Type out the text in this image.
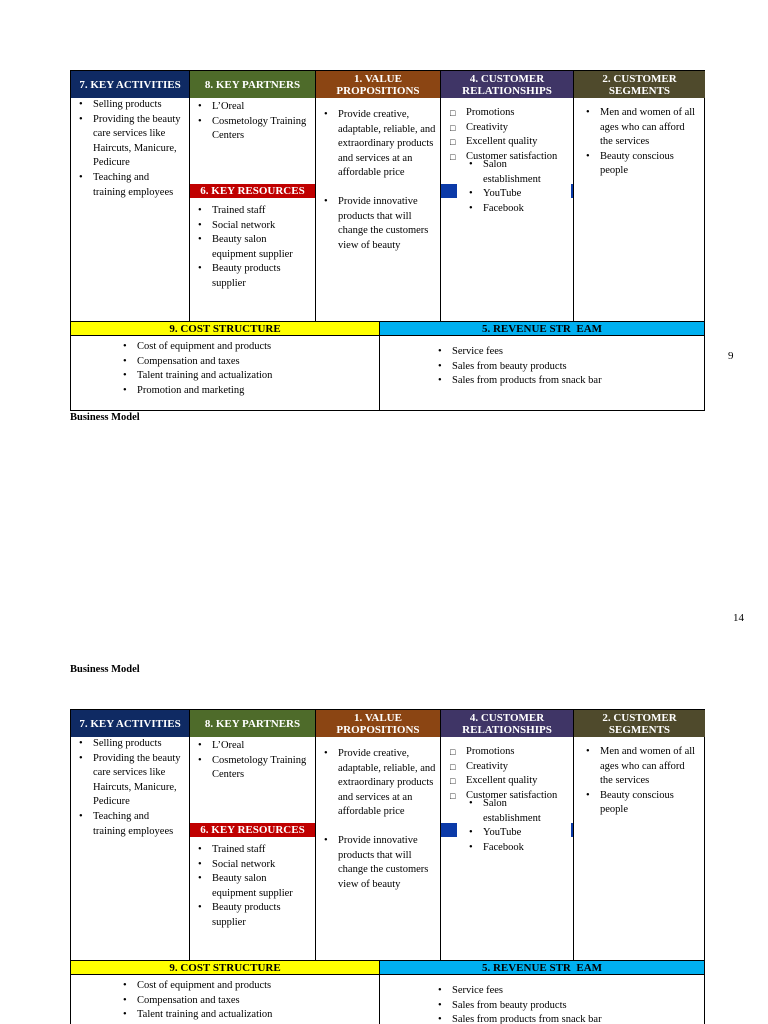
7. KEY ACTIVITIES
• Selling products
• Providing the beauty care services like Haircuts, Manicure, Pedicure
• Teaching and training employees
8. KEY PARTNERS
• L’Oreal
• Cosmetology Training Centers
6. KEY RESOURCES
• Trained staff
• Social network
• Beauty salon equipment supplier
• Beauty products supplier
1. VALUE
PROPOSITIONS
• Provide creative, adaptable, reliable, and extraordinary products and services at an affordable price
• Provide innovative products that will change the customers view of beauty
4. CUSTOMER
RELATIONSHIPS
□ Promotions
□ Creativity
□ Excellent quality
□ Customer satisfaction
• Salon establishment
• YouTube
• Facebook
2. CUSTOMER
SEGMENTS
• Men and women of all ages who can afford the services
• Beauty conscious people
9. COST STRUCTURE
• Cost of equipment and products
• Compensation and taxes
• Talent training and actualization
• Promotion and marketing
5. REVENUE STR  EAM
• Service fees
• Sales from beauty products
• Sales from products from snack bar
Business Model
9
14
Business Model
7. KEY ACTIVITIES
• Selling products
• Providing the beauty care services like Haircuts, Manicure, Pedicure
• Teaching and training employees
8. KEY PARTNERS
• L’Oreal
• Cosmetology Training Centers
6. KEY RESOURCES
• Trained staff
• Social network
• Beauty salon equipment supplier
• Beauty products supplier
1. VALUE
PROPOSITIONS
• Provide creative, adaptable, reliable, and extraordinary products and services at an affordable price
• Provide innovative products that will change the customers view of beauty
4. CUSTOMER
RELATIONSHIPS
□ Promotions
□ Creativity
□ Excellent quality
□ Customer satisfaction
• Salon establishment
• YouTube
• Facebook
2. CUSTOMER
SEGMENTS
• Men and women of all ages who can afford the services
• Beauty conscious people
9. COST STRUCTURE
• Cost of equipment and products
• Compensation and taxes
• Talent training and actualization
•
5. REVENUE STR  EAM
• Service fees
• Sales from beauty products
• Sales from products from snack bar
